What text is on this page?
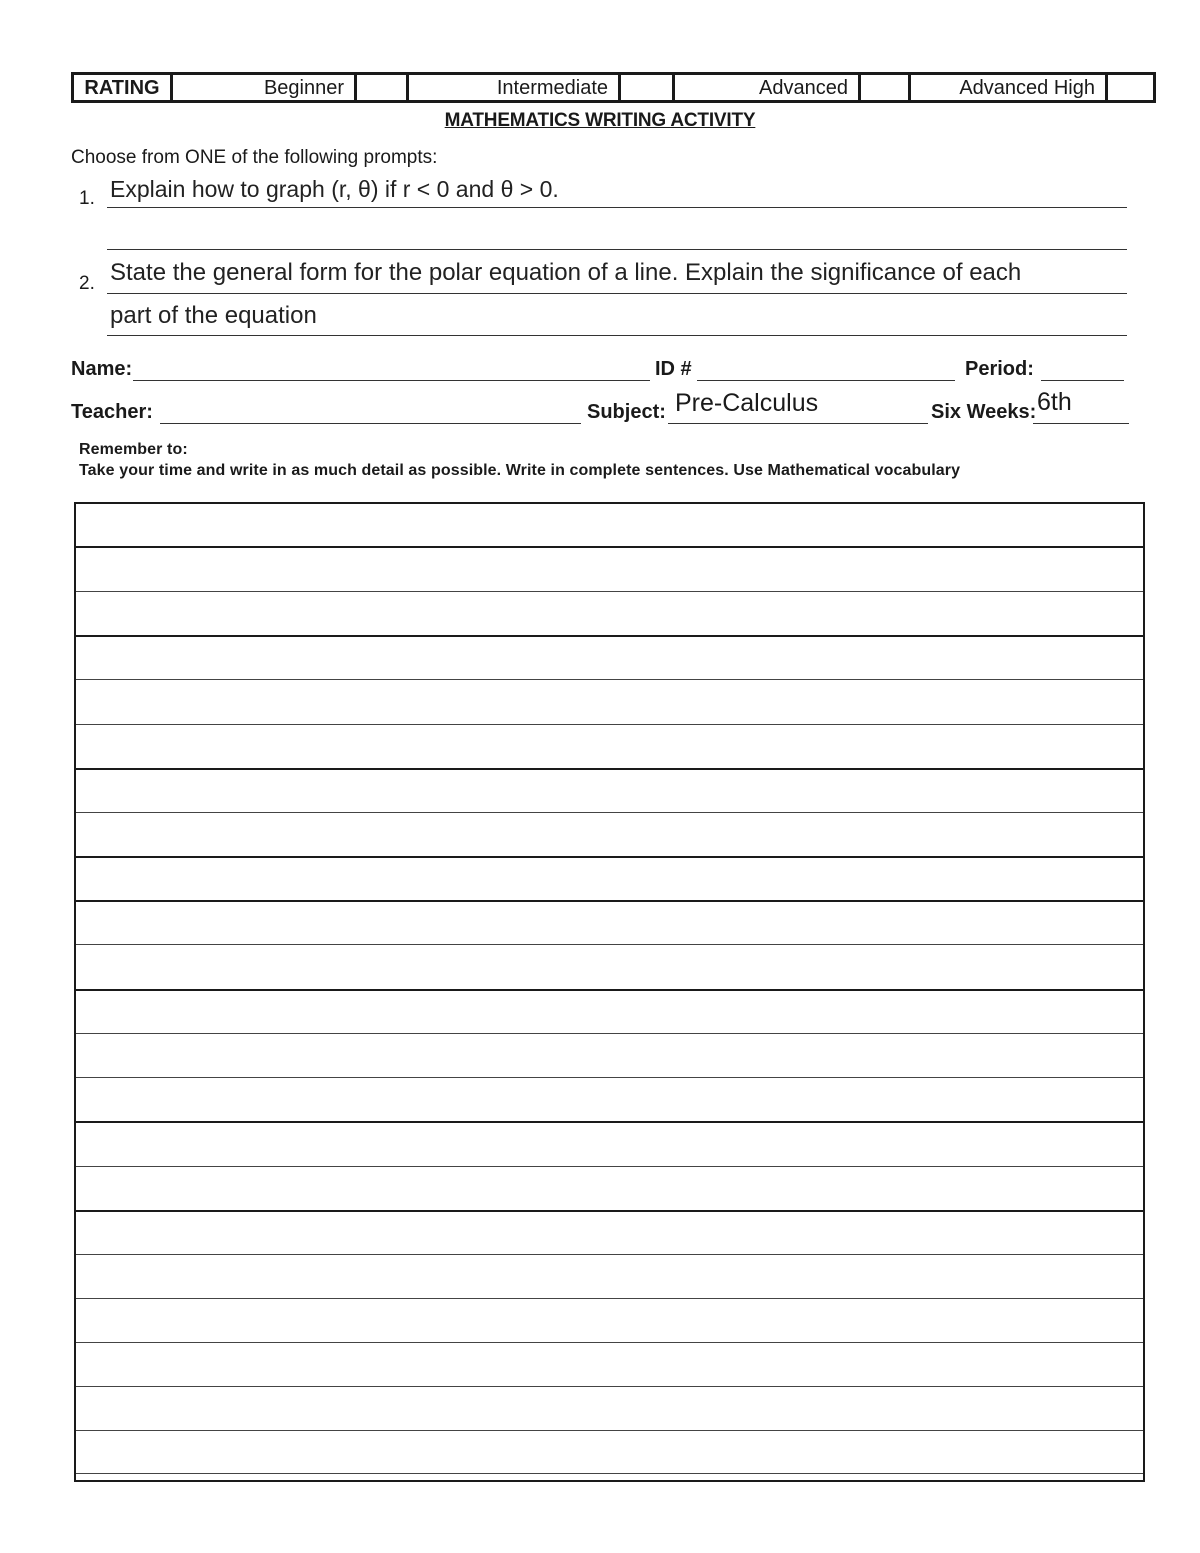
RATING	Beginner	Intermediate	Advanced	Advanced High
MATHEMATICS WRITING ACTIVITY
Choose from ONE of the following prompts:
1. Explain how to graph (r, θ) if r < 0 and θ > 0.
2. State the general form for the polar equation of a line. Explain the significance of each
part of the equation
Name:	ID #	Period:
Teacher:	Subject: Pre-Calculus	Six Weeks: 6th
Remember to:
Take your time and write in as much detail as possible. Write in complete sentences. Use Mathematical vocabulary
